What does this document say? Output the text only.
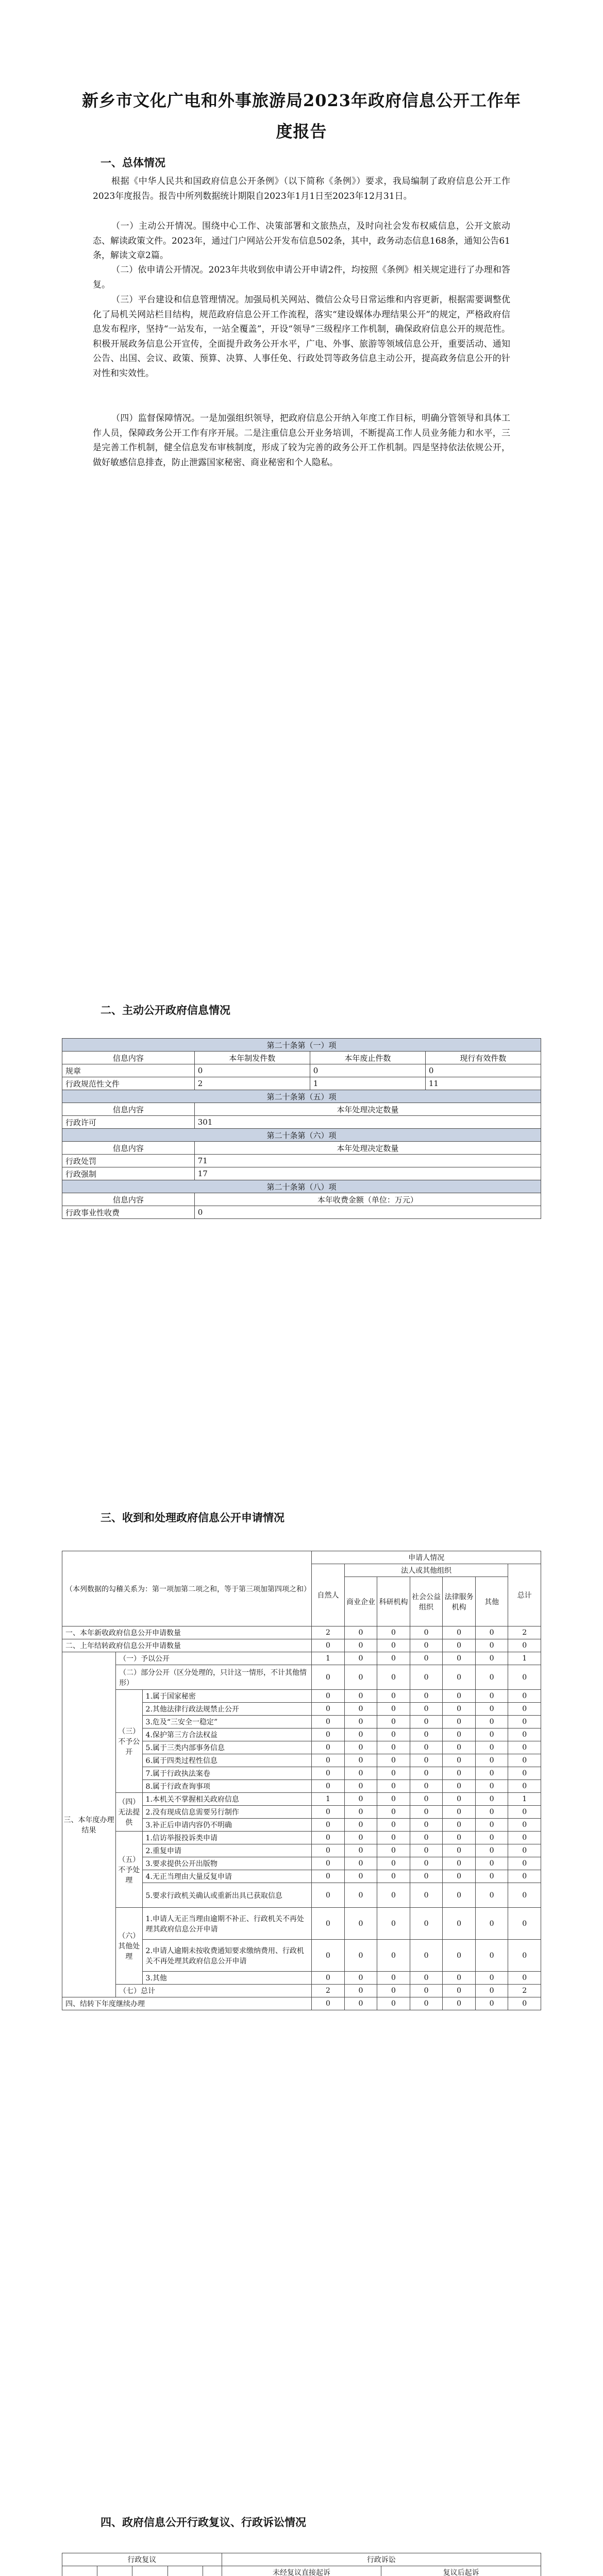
新乡市文化广电和外事旅游局2023年政府信息公开工作年度报告
一、总体情况
根据《中华人民共和国政府信息公开条例》（以下简称《条例》）要求，我局编制了政府信息公开工作2023年度报告。报告中所列数据统计期限自2023年1月1日至2023年12月31日。
（一）主动公开情况。围绕中心工作、决策部署和文旅热点，及时向社会发布权威信息，公开文旅动态、解读政策文件。2023年，通过门户网站公开发布信息502条，其中，政务动态信息168条，通知公告61条，解读文章2篇。
（二）依申请公开情况。2023年共收到依申请公开申请2件，均按照《条例》相关规定进行了办理和答复。
（三）平台建设和信息管理情况。加强局机关网站、微信公众号日常运维和内容更新，根据需要调整优化了局机关网站栏目结构，规范政府信息公开工作流程，落实“建设媒体办理结果公开”的规定，严格政府信息发布程序，坚持“一站发布，一站全覆盖”，开设“领导”三级程序工作机制，确保政府信息公开的规范性。积极开展政务信息公开宣传，全面提升政务公开水平，广电、外事、旅游等领域信息公开，重要活动、通知公告、出国、会议、政策、预算、决算、人事任免、行政处罚等政务信息主动公开，提高政务信息公开的针对性和实效性。
（四）监督保障情况。一是加强组织领导，把政府信息公开纳入年度工作目标，明确分管领导和具体工作人员，保障政务公开工作有序开展。二是注重信息公开业务培训，不断提高工作人员业务能力和水平，三是完善工作机制，健全信息发布审核制度，形成了较为完善的政务公开工作机制。四是坚持依法依规公开，做好敏感信息排查，防止泄露国家秘密、商业秘密和个人隐私。
二、主动公开政府信息情况
第二十条第（一）项			
信息内容	本年制发件数	本年废止件数	现行有效件数
规章	0	0	0
行政规范性文件	2	1	11
第二十条第（五）项			
信息内容	本年处理决定数量		
行政许可	301		
第二十条第（六）项			
信息内容	本年处理决定数量		
行政处罚	71		
行政强制	17		
第二十条第（八）项			
信息内容	本年收费金额（单位：万元）		
行政事业性收费	0		
三、收到和处理政府信息公开申请情况
（本列数据的勾稽关系为：第一项加第二项之和，等于第三项加第四项之和）			申请人情况						
			自然人	法人或其他组织					总计
				商业企业	科研机构	社会公益组织	法律服务机构	其他	
一、本年新收政府信息公开申请数量			2	0	0	0	0	0	2
二、上年结转政府信息公开申请数量			0	0	0	0	0	0	0
三、本年度办理结果	（一）予以公开		1	0	0	0	0	0	1
	（二）部分公开（区分处理的，只计这一情形，不计其他情形）		0	0	0	0	0	0	0
	（三）不予公开	1.属于国家秘密	0	0	0	0	0	0	0
		2.其他法律行政法规禁止公开	0	0	0	0	0	0	0
		3.危及“三安全一稳定”	0	0	0	0	0	0	0
		4.保护第三方合法权益	0	0	0	0	0	0	0
		5.属于三类内部事务信息	0	0	0	0	0	0	0
		6.属于四类过程性信息	0	0	0	0	0	0	0
		7.属于行政执法案卷	0	0	0	0	0	0	0
		8.属于行政查询事项	0	0	0	0	0	0	0
	（四）无法提供	1.本机关不掌握相关政府信息	1	0	0	0	0	0	1
		2.没有现成信息需要另行制作	0	0	0	0	0	0	0
		3.补正后申请内容仍不明确	0	0	0	0	0	0	0
	（五）不予处理	1.信访举报投诉类申请	0	0	0	0	0	0	0
		2.重复申请	0	0	0	0	0	0	0
		3.要求提供公开出版物	0	0	0	0	0	0	0
		4.无正当理由大量反复申请	0	0	0	0	0	0	0
		5.要求行政机关确认或重新出具已获取信息	0	0	0	0	0	0	0
	（六）其他处理	1.申请人无正当理由逾期不补正、行政机关不再处理其政府信息公开申请	0	0	0	0	0	0	0
		2.申请人逾期未按收费通知要求缴纳费用、行政机关不再处理其政府信息公开申请	0	0	0	0	0	0	0
		3.其他	0	0	0	0	0	0	0
	（七）总计		2	0	0	0	0	0	2
四、结转下年度继续办理			0	0	0	0	0	0	0
四、政府信息公开行政复议、行政诉讼情况
行政复议					行政诉讼									
					未经复议直接起诉					复议后起诉				
